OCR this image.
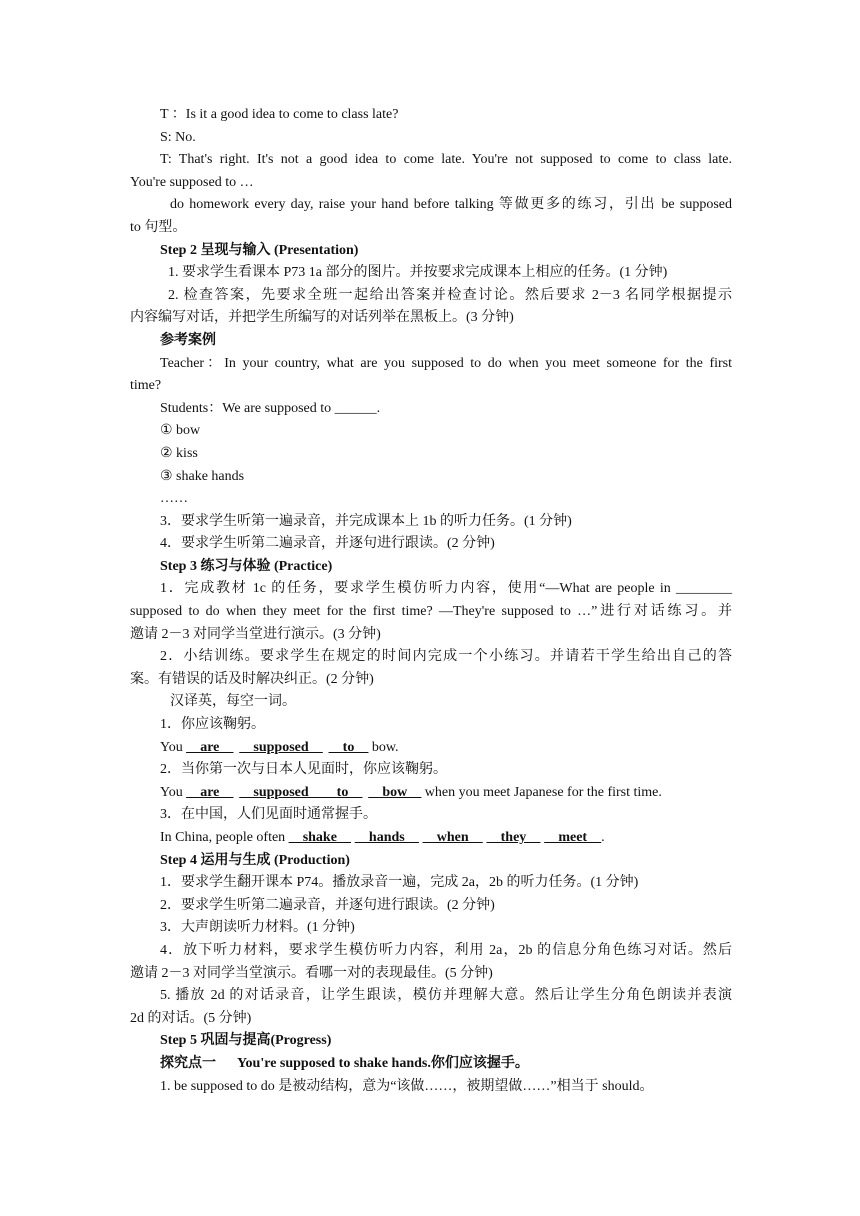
T ：Is it a good idea to come to class late?

S: No.

T: That's right. It's not a good idea to come late. You're not supposed to come to class late.

You're supposed to …

do homework every day, raise your hand before talking 等做更多的练习，引出 be supposed

to 句型。

Step 2 呈现与输入 (Presentation)

1. 要求学生看课本 P73 1a 部分的图片。并按要求完成课本上相应的任务。(1 分钟)

2. 检查答案，先要求全班一起给出答案并检查讨论。然后要求 2－3 名同学根据提示

内容编写对话，并把学生所编写的对话列举在黑板上。(3 分钟)

参考案例

Teacher：In your country, what are you supposed to do when you meet someone for the first

time?

Students：We are supposed to ______.

① bow

② kiss

③ shake hands

……

3．要求学生听第一遍录音，并完成课本上 1b 的听力任务。(1 分钟)

4．要求学生听第二遍录音，并逐句进行跟读。(2 分钟)

Step 3 练习与体验 (Practice)

1．完成教材 1c 的任务，要求学生模仿听力内容，使用“—What are people in ________

supposed to do when they meet for the first time? —They're supposed to …”进行对话练习。并

邀请 2－3 对同学当堂进行演示。(3 分钟)

2．小结训练。要求学生在规定的时间内完成一个小练习。并请若干学生给出自己的答

案。有错误的话及时解决纠正。(2 分钟)

汉译英，每空一词。

1．你应该鞠躬。

You __are__ __supposed__ __to__ bow.

2．当你第一次与日本人见面时，你应该鞠躬。

You __are__ __supposed____to__ __bow__ when you meet Japanese for the first time.

3．在中国，人们见面时通常握手。

In China, people often __shake__ __hands__ __when__ __they__ __meet__.

Step 4 运用与生成 (Production)

1．要求学生翻开课本 P74。播放录音一遍，完成 2a，2b 的听力任务。(1 分钟)

2．要求学生听第二遍录音，并逐句进行跟读。(2 分钟)

3．大声朗读听力材料。(1 分钟)

4．放下听力材料，要求学生模仿听力内容，利用 2a，2b 的信息分角色练习对话。然后

邀请 2－3 对同学当堂演示。看哪一对的表现最佳。(5 分钟)

5. 播放 2d 的对话录音，让学生跟读，模仿并理解大意。然后让学生分角色朗读并表演

2d 的对话。(5 分钟)

Step 5 巩固与提高(Progress)

探究点一      You're supposed to shake hands.你们应该握手。

1. be supposed to do 是被动结构，意为“该做……，被期望做……”相当于 should。
